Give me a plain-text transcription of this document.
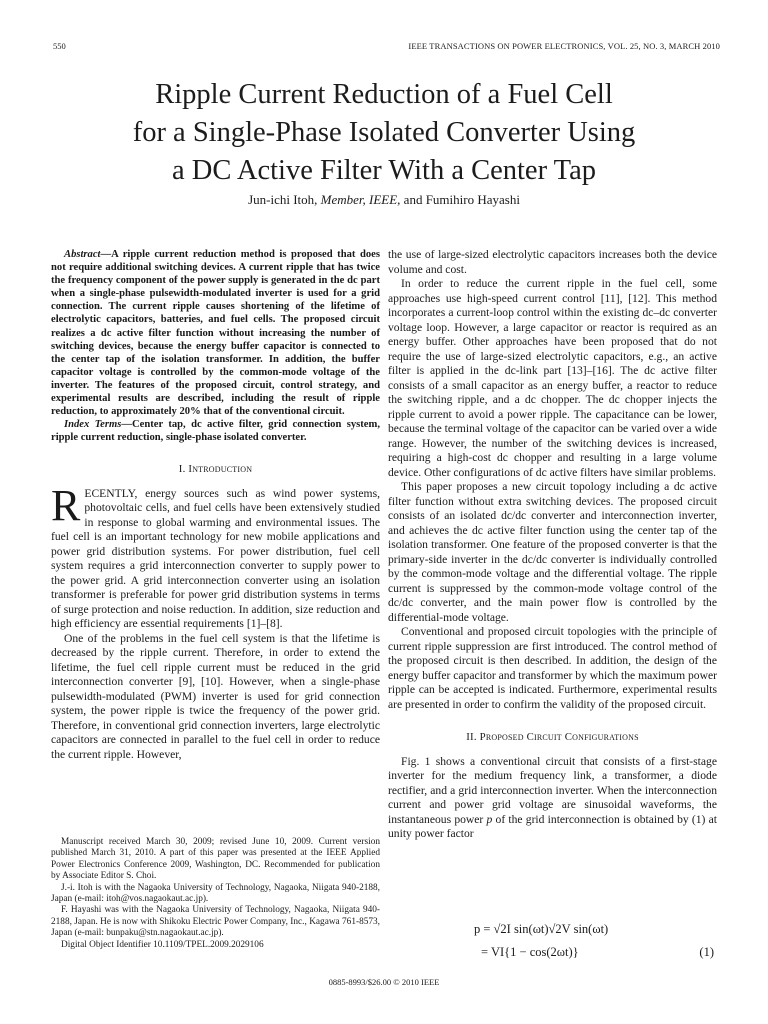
550	IEEE TRANSACTIONS ON POWER ELECTRONICS, VOL. 25, NO. 3, MARCH 2010
Ripple Current Reduction of a Fuel Cell
for a Single-Phase Isolated Converter Using
a DC Active Filter With a Center Tap
Jun-ichi Itoh, Member, IEEE, and Fumihiro Hayashi

Abstract—A ripple current reduction method is proposed that does not require additional switching devices. A current ripple that has twice the frequency component of the power supply is generated in the dc part when a single-phase pulsewidth-modulated inverter is used for a grid connection. The current ripple causes shortening of the lifetime of electrolytic capacitors, batteries, and fuel cells. The proposed circuit realizes a dc active filter function without increasing the number of switching devices, because the energy buffer capacitor is connected to the center tap of the isolation transformer. In addition, the buffer capacitor voltage is controlled by the common-mode voltage of the inverter. The features of the proposed circuit, control strategy, and experimental results are described, including the result of ripple reduction, to approximately 20% that of the conventional circuit.

Index Terms—Center tap, dc active filter, grid connection system, ripple current reduction, single-phase isolated converter.

I. Introduction

RECENTLY, energy sources such as wind power systems, photovoltaic cells, and fuel cells have been extensively studied in response to global warming and environmental issues. The fuel cell is an important technology for new mobile applications and power grid distribution systems. For power distribution, fuel cell system requires a grid interconnection converter to supply power to the power grid. A grid interconnection converter using an isolation transformer is preferable for power grid distribution systems in terms of surge protection and noise reduction. In addition, size reduction and high efficiency are essential requirements [1]–[8].

One of the problems in the fuel cell system is that the lifetime is decreased by the ripple current. Therefore, in order to extend the lifetime, the fuel cell ripple current must be reduced in the grid interconnection converter [9], [10]. However, when a single-phase pulsewidth-modulated (PWM) inverter is used for grid connection system, the power ripple is twice the frequency of the power grid. Therefore, in conventional grid connection inverters, large electrolytic capacitors are connected in parallel to the fuel cell in order to reduce the current ripple. However,

Manuscript received March 30, 2009; revised June 10, 2009. Current version published March 31, 2010. A part of this paper was presented at the IEEE Applied Power Electronics Conference 2009, Washington, DC. Recommended for publication by Associate Editor S. Choi.

J.-i. Itoh is with the Nagaoka University of Technology, Nagaoka, Niigata 940-2188, Japan (e-mail: itoh@vos.nagaokaut.ac.jp).

F. Hayashi was with the Nagaoka University of Technology, Nagaoka, Niigata 940-2188, Japan. He is now with Shikoku Electric Power Company, Inc., Kagawa 761-8573, Japan (e-mail: bunpaku@stn.nagaokaut.ac.jp).

Digital Object Identifier 10.1109/TPEL.2009.2029106

the use of large-sized electrolytic capacitors increases both the device volume and cost.

In order to reduce the current ripple in the fuel cell, some approaches use high-speed current control [11], [12]. This method incorporates a current-loop control within the existing dc–dc converter voltage loop. However, a large capacitor or reactor is required as an energy buffer. Other approaches have been proposed that do not require the use of large-sized electrolytic capacitors, e.g., an active filter is applied in the dc-link part [13]–[16]. The dc active filter consists of a small capacitor as an energy buffer, a reactor to reduce the switching ripple, and a dc chopper. The dc chopper injects the ripple current to avoid a power ripple. The capacitance can be lower, because the terminal voltage of the capacitor can be varied over a wide range. However, the number of the switching devices is increased, requiring a high-cost dc chopper and resulting in a large volume device. Other configurations of dc active filters have similar problems.

This paper proposes a new circuit topology including a dc active filter function without extra switching devices. The proposed circuit consists of an isolated dc/dc converter and interconnection inverter, and achieves the dc active filter function using the center tap of the isolation transformer. One feature of the proposed converter is that the primary-side inverter in the dc/dc converter is individually controlled by the common-mode voltage and the differential voltage. The ripple current is suppressed by the common-mode voltage control of the dc/dc converter, and the main power flow is controlled by the differential-mode voltage.

Conventional and proposed circuit topologies with the principle of current ripple suppression are first introduced. The control method of the proposed circuit is then described. In addition, the design of the energy buffer capacitor and transformer by which the maximum power ripple can be accepted is indicated. Furthermore, experimental results are presented in order to confirm the validity of the proposed circuit.

II. Proposed Circuit Configurations

Fig. 1 shows a conventional circuit that consists of a first-stage inverter for the medium frequency link, a transformer, a diode rectifier, and a grid interconnection inverter. When the interconnection current and power grid voltage are sinusoidal waveforms, the instantaneous power p of the grid interconnection is obtained by (1) at unity power factor

p = √2I sin(ωt)√2V sin(ωt)
= VI{1 − cos(2ωt)}	(1)
0885-8993/$26.00 © 2010 IEEE
